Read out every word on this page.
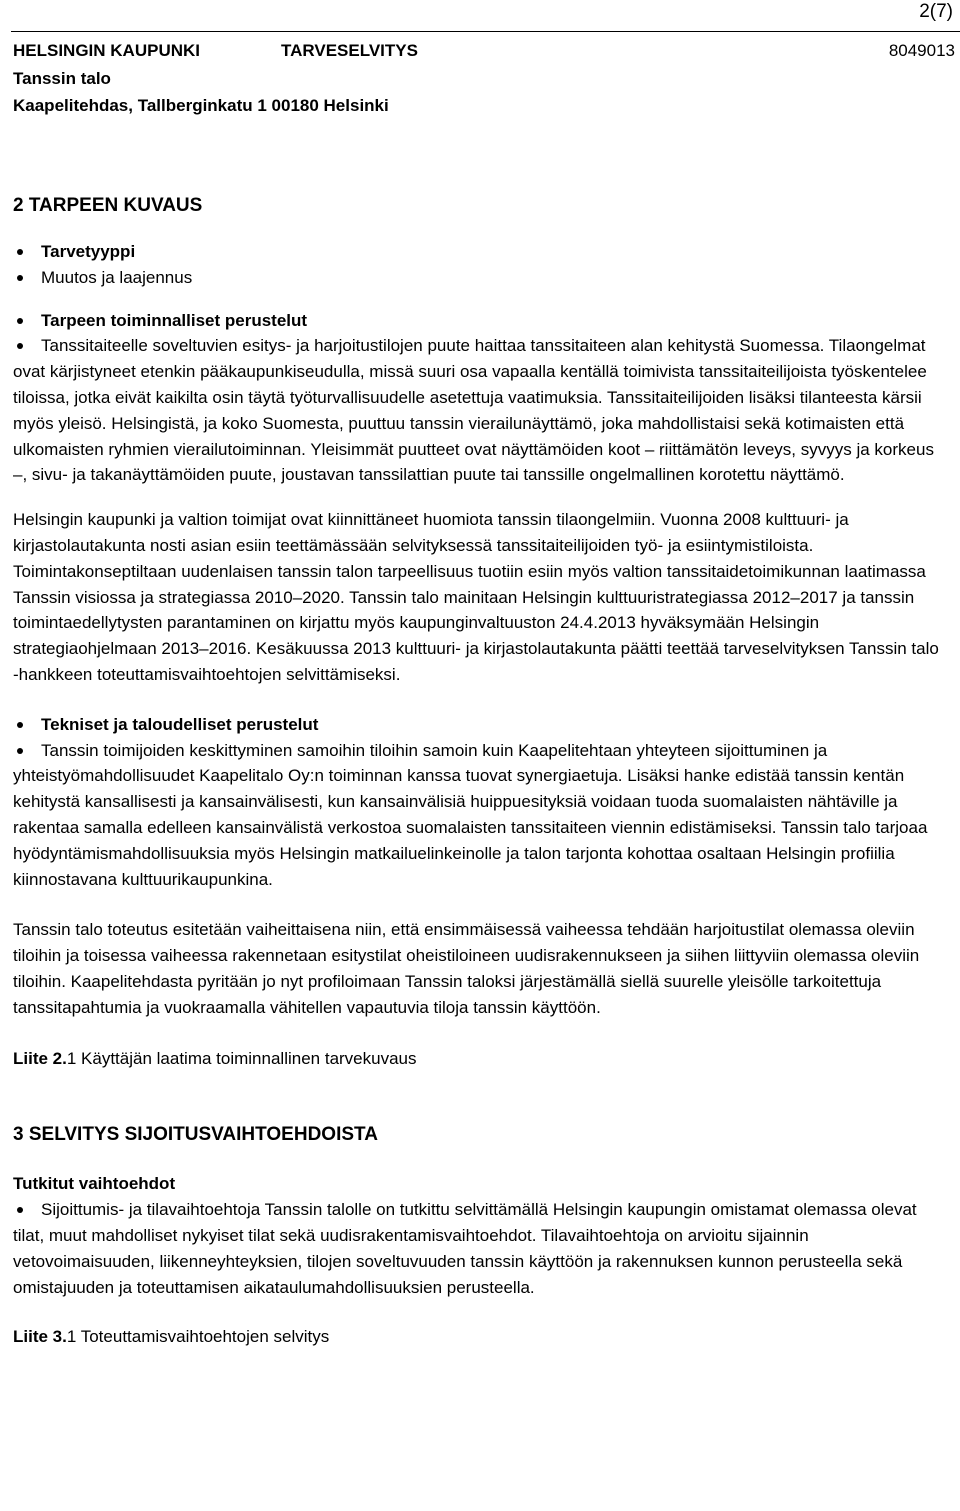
2(7)
HELSINGIN KAUPUNKI	TARVESELVITYS	8049013
Tanssin talo
Kaapelitehdas, Tallberginkatu 1 00180 Helsinki
2 TARPEEN KUVAUS
Tarvetyyppi
Muutos ja laajennus
Tarpeen toiminnalliset perustelut
Tanssitaiteelle soveltuvien esitys- ja harjoitustilojen puute haittaa tanssitaiteen alan kehitystä Suomessa. Tilaongelmat ovat kärjistyneet etenkin pääkaupunkiseudulla, missä suuri osa vapaalla kentällä toimivista tanssitaiteilijoista työskentelee tiloissa, jotka eivät kaikilta osin täytä työturvallisuudelle asetettuja vaatimuksia. Tanssitaiteilijoiden lisäksi tilanteesta kärsii myös yleisö. Helsingistä, ja koko Suomesta, puuttuu tanssin vierailunäyttämö, joka mahdollistaisi sekä kotimaisten että ulkomaisten ryhmien vierailutoiminnan. Yleisimmät puutteet ovat näyttämöiden koot – riittämätön leveys, syvyys ja korkeus –, sivu- ja takanäyttämöiden puute, joustavan tanssilattian puute tai tanssille ongelmallinen korotettu näyttämö.

Helsingin kaupunki ja valtion toimijat ovat kiinnittäneet huomiota tanssin tilaongelmiin. Vuonna 2008 kulttuuri- ja kirjastolautakunta nosti asian esiin teettämässään selvityksessä tanssitaiteilijoiden työ- ja esiintymistiloista. Toimintakonseptiltaan uudenlaisen tanssin talon tarpeellisuus tuotiin esiin myös valtion tanssitaidetoimikunnan laatimassa Tanssin visiossa ja strategiassa 2010–2020. Tanssin talo mainitaan Helsingin kulttuuristrategiassa 2012–2017 ja tanssin toimintaedellytysten parantaminen on kirjattu myös kaupunginvaltuuston 24.4.2013 hyväksymään Helsingin strategiaohjelmaan 2013–2016. Kesäkuussa 2013 kulttuuri- ja kirjastolautakunta päätti teettää tarveselvityksen Tanssin talo -hankkeen toteuttamisvaihtoehtojen selvittämiseksi.

Tekniset ja taloudelliset perustelut
Tanssin toimijoiden keskittyminen samoihin tiloihin samoin kuin Kaapelitehtaan yhteyteen sijoittuminen ja yhteistyömahdollisuudet Kaapelitalo Oy:n toiminnan kanssa tuovat synergiaetuja. Lisäksi hanke edistää tanssin kentän kehitystä kansallisesti ja kansainvälisesti, kun kansainvälisiä huippuesityksiä voidaan tuoda suomalaisten nähtäville ja rakentaa samalla edelleen kansainvälistä verkostoa suomalaisten tanssitaiteen viennin edistämiseksi. Tanssin talo tarjoaa hyödyntämismahdollisuuksia myös Helsingin matkailuelinkeinolle ja talon tarjonta kohottaa osaltaan Helsingin profiilia kiinnostavana kulttuurikaupunkina.

Tanssin talo toteutus esitetään vaiheittaisena niin, että ensimmäisessä vaiheessa tehdään harjoitustilat olemassa oleviin tiloihin ja toisessa vaiheessa rakennetaan esitystilat oheistiloineen uudisrakennukseen ja siihen liittyviin olemassa oleviin tiloihin. Kaapelitehdasta pyritään jo nyt profiloimaan Tanssin taloksi järjestämällä siellä suurelle yleisölle tarkoitettuja tanssitapahtumia ja vuokraamalla vähitellen vapautuvia tiloja tanssin käyttöön.

Liite 2.1 Käyttäjän laatima toiminnallinen tarvekuvaus

3 SELVITYS SIJOITUSVAIHTOEHDOISTA

Tutkitut vaihtoehdot

Sijoittumis- ja tilavaihtoehtoja Tanssin talolle on tutkittu selvittämällä Helsingin kaupungin omistamat olemassa olevat tilat, muut mahdolliset nykyiset tilat sekä uudisrakentamisvaihtoehdot. Tilavaihtoehtoja on arvioitu sijainnin vetovoimaisuuden, liikenneyhteyksien, tilojen soveltuvuuden tanssin käyttöön ja rakennuksen kunnon perusteella sekä omistajuuden ja toteuttamisen aikataulumahdollisuuksien perusteella.

Liite 3.1 Toteuttamisvaihtoehtojen selvitys
